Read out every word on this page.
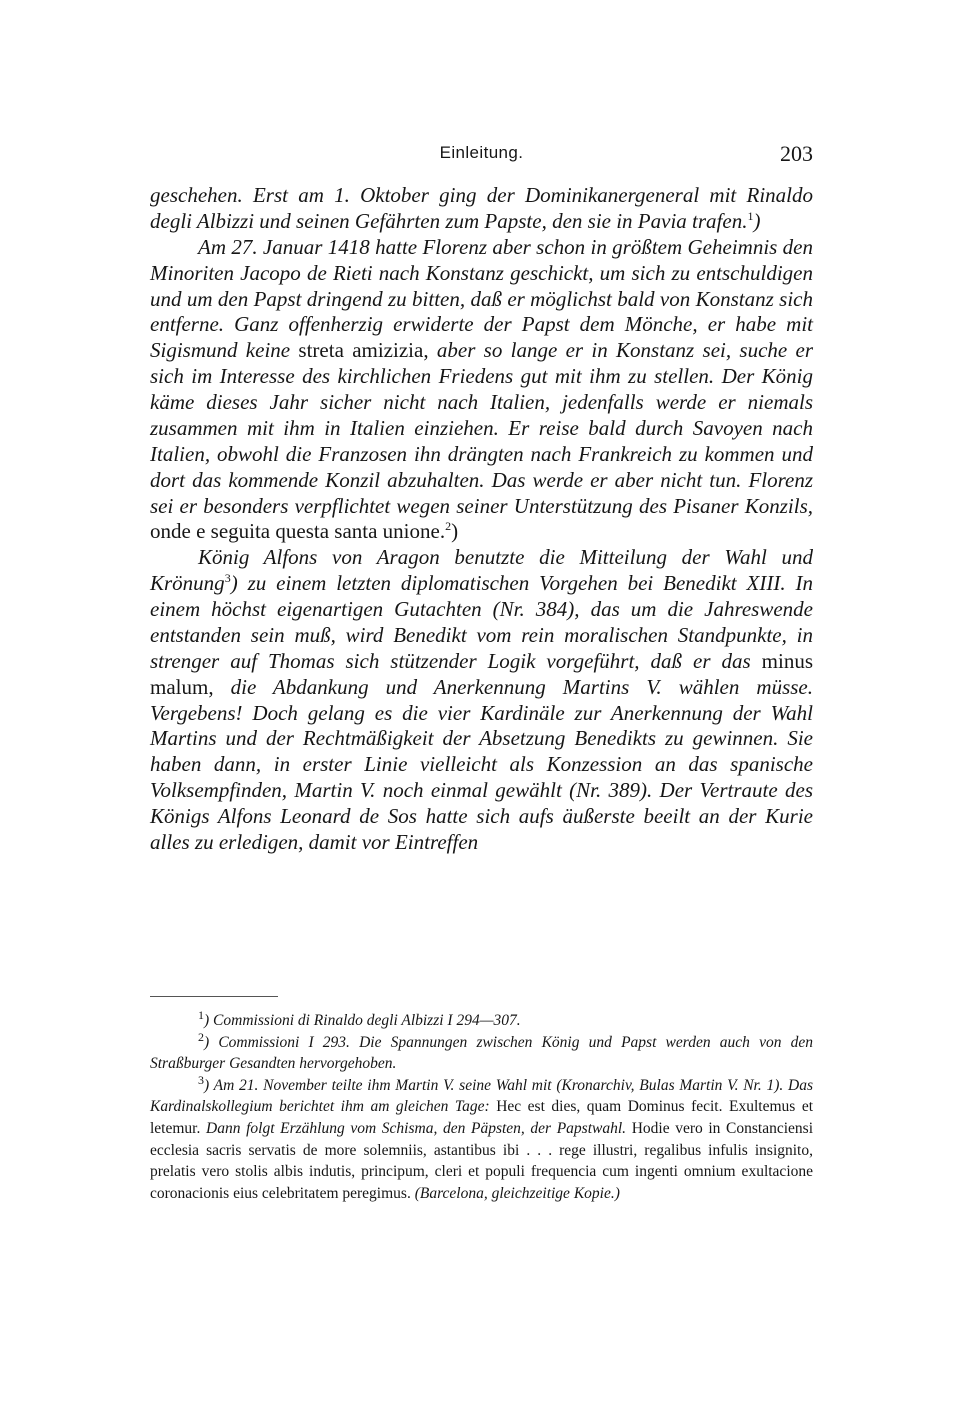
Einleitung.	203

geschehen. Erst am 1. Oktober ging der Dominikanergeneral mit Rinaldo degli Albizzi und seinen Gefährten zum Papste, den sie in Pavia trafen.$^1$)

Am 27. Januar 1418 hatte Florenz aber schon in größtem Geheimnis den Minoriten Jacopo de Rieti nach Konstanz geschickt, um sich zu entschuldigen und um den Papst dringend zu bitten, daß er möglichst bald von Konstanz sich entferne. Ganz offenherzig erwiderte der Papst dem Mönche, er habe mit Sigismund keine streta amizizia, aber so lange er in Konstanz sei, suche er sich im Interesse des kirchlichen Friedens gut mit ihm zu stellen. Der König käme dieses Jahr sicher nicht nach Italien, jedenfalls werde er niemals zusammen mit ihm in Italien einziehen. Er reise bald durch Savoyen nach Italien, obwohl die Franzosen ihn drängten nach Frankreich zu kommen und dort das kommende Konzil abzuhalten. Das werde er aber nicht tun. Florenz sei er besonders verpflichtet wegen seiner Unterstützung des Pisaner Konzils, onde e seguita questa santa unione.$^2$)

König Alfons von Aragon benutzte die Mitteilung der Wahl und Krönung$^3$) zu einem letzten diplomatischen Vorgehen bei Benedikt XIII. In einem höchst eigenartigen Gutachten (Nr. 384), das um die Jahreswende entstanden sein muß, wird Benedikt vom rein moralischen Standpunkte, in strenger auf Thomas sich stützender Logik vorgeführt, daß er das minus malum, die Abdankung und Anerkennung Martins V. wählen müsse. Vergebens! Doch gelang es die vier Kardinäle zur Anerkennung der Wahl Martins und der Rechtmäßigkeit der Absetzung Benedikts zu gewinnen. Sie haben dann, in erster Linie vielleicht als Konzession an das spanische Volksempfinden, Martin V. noch einmal gewählt (Nr. 389). Der Vertraute des Königs Alfons Leonard de Sos hatte sich aufs äußerste beeilt an der Kurie alles zu erledigen, damit vor Eintreffen

$^1$) Commissioni di Rinaldo degli Albizzi I 294—307.

$^2$) Commissioni I 293. Die Spannungen zwischen König und Papst werden auch von den Straßburger Gesandten hervorgehoben.

$^3$) Am 21. November teilte ihm Martin V. seine Wahl mit (Kronarchiv, Bulas Martin V. Nr. 1). Das Kardinalskollegium berichtet ihm am gleichen Tage: Hec est dies, quam Dominus fecit. Exultemus et letemur. Dann folgt Erzählung vom Schisma, den Päpsten, der Papstwahl. Hodie vero in Constanciensi ecclesia sacris servatis de more solemniis, astantibus ibi . . . rege illustri, regalibus infulis insignito, prelatis vero stolis albis indutis, principum, cleri et populi frequencia cum ingenti omnium exultacione coronacionis eius celebritatem peregimus. (Barcelona, gleichzeitige Kopie.)
